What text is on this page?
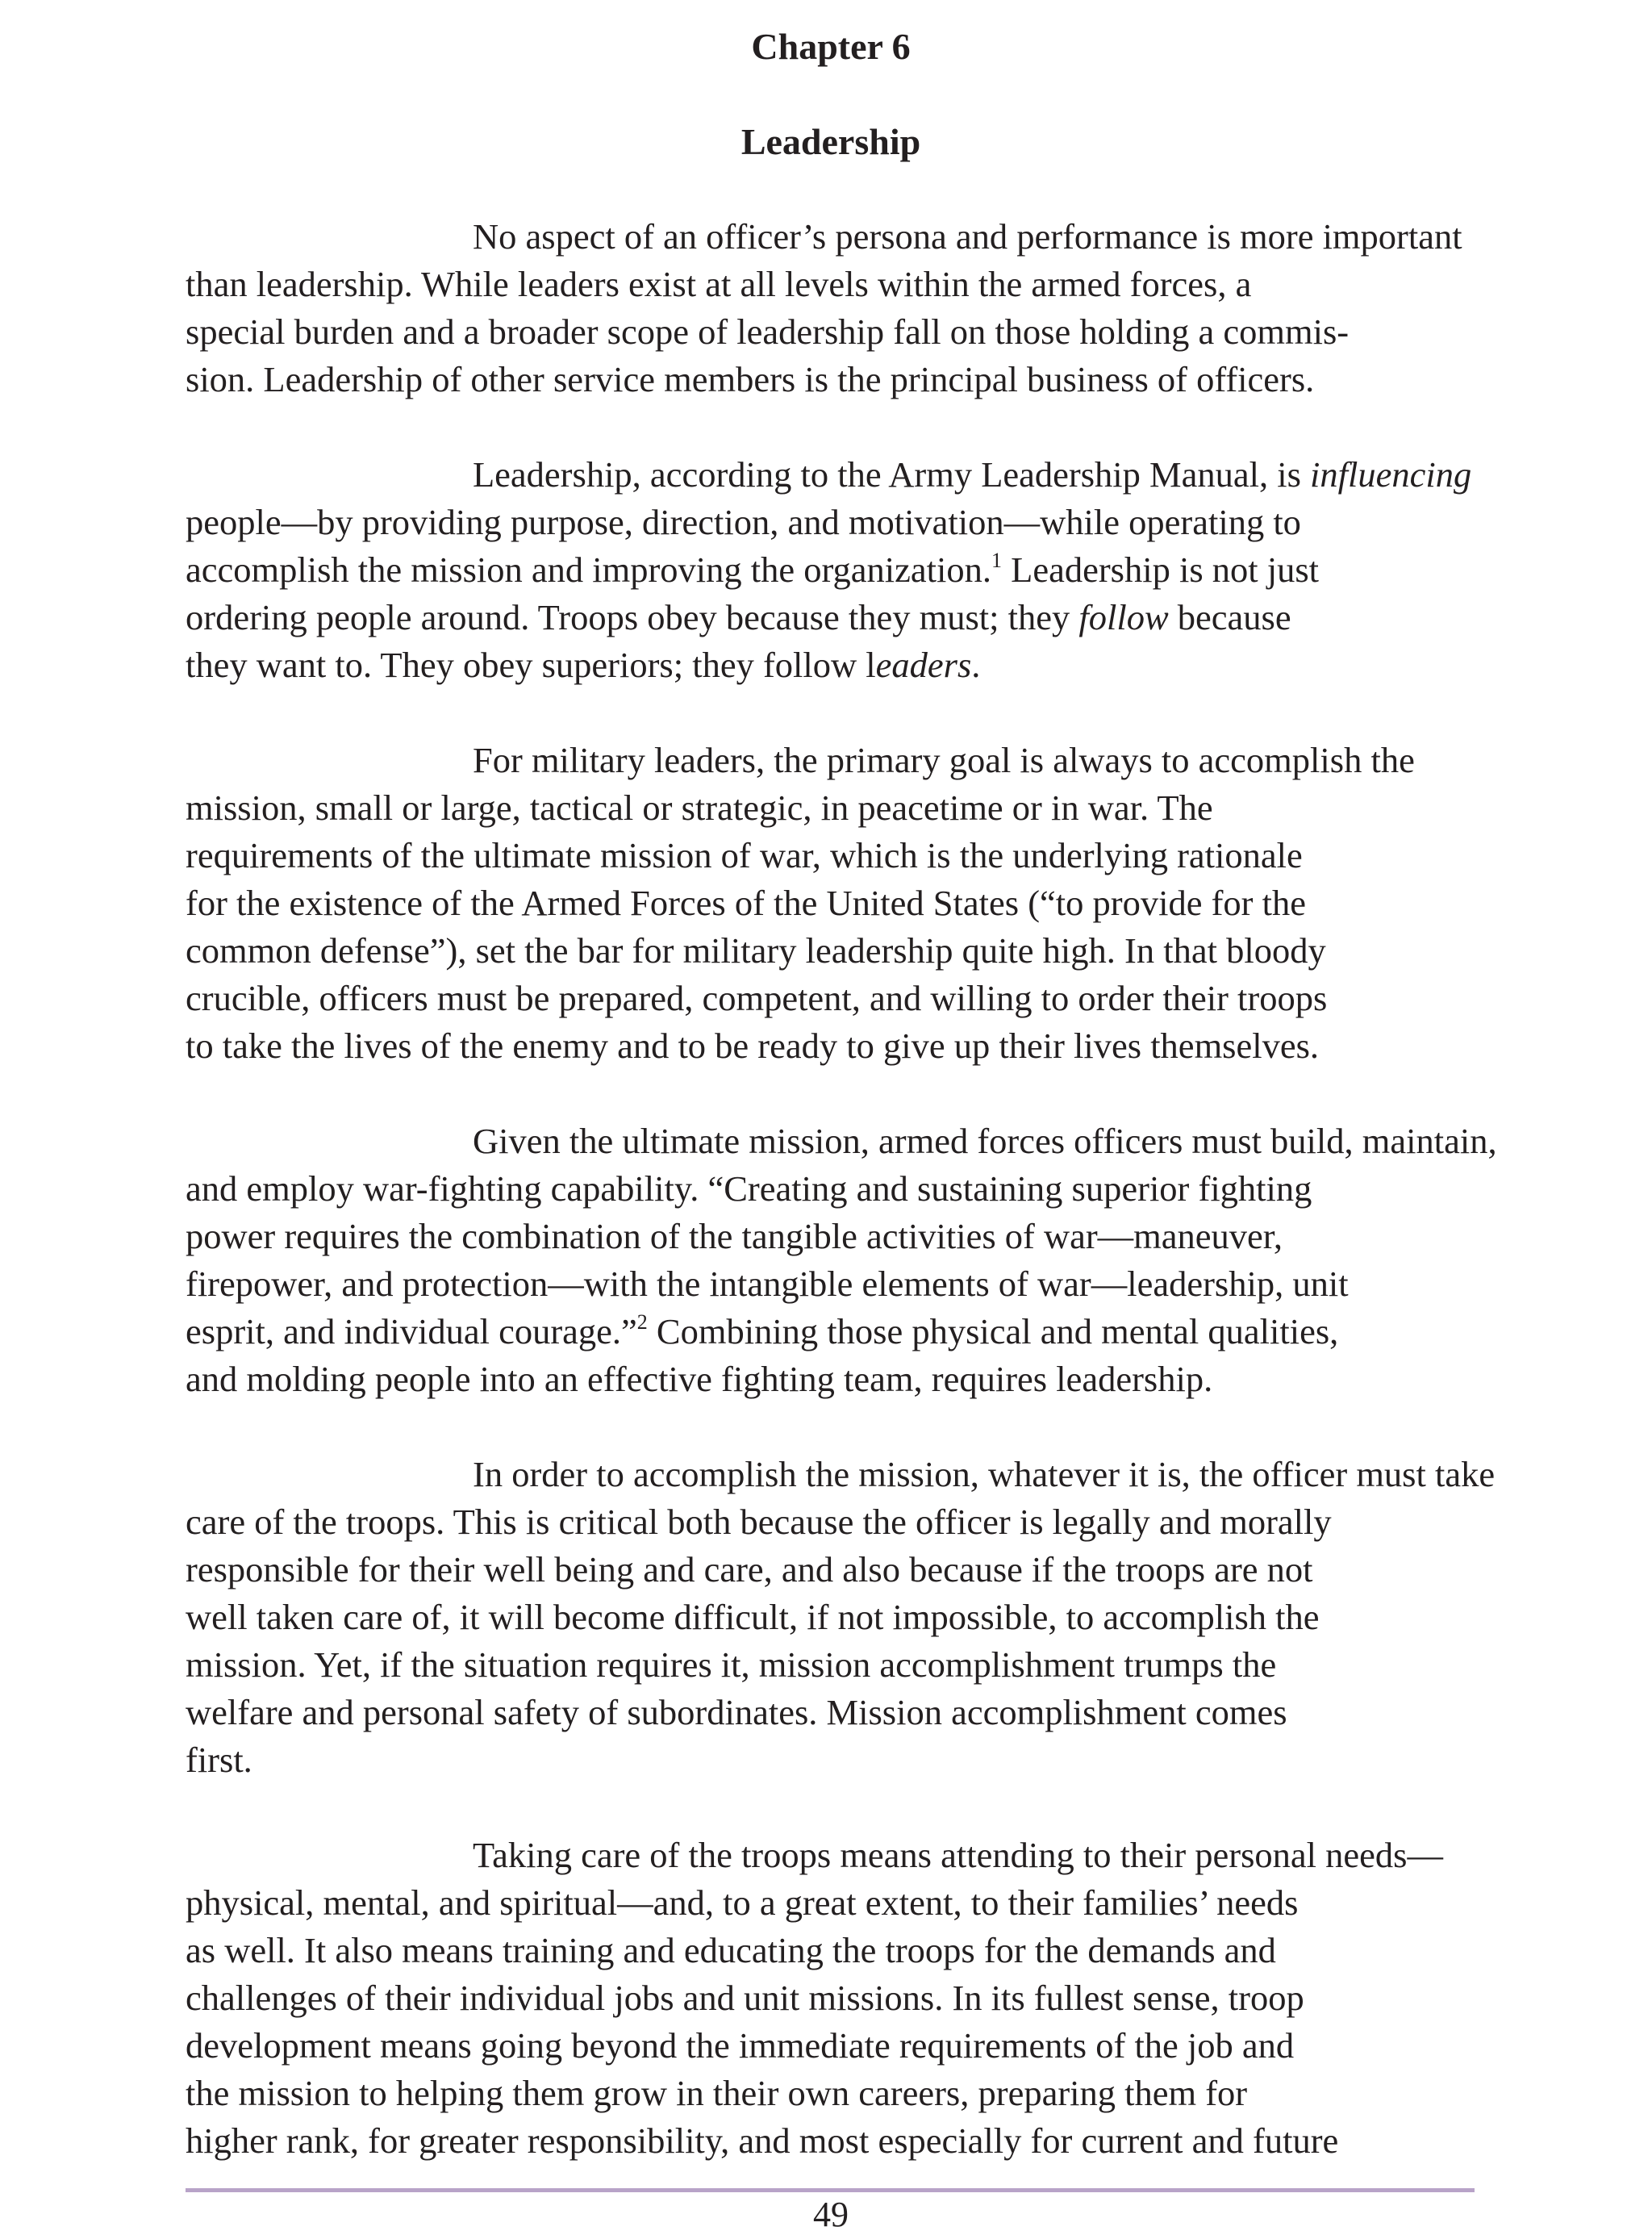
Chapter 6
Leadership

No aspect of an officer’s persona and performance is more important
than leadership. While leaders exist at all levels within the armed forces, a
special burden and a broader scope of leadership fall on those holding a commis-
sion. Leadership of other service members is the principal business of officers.

Leadership, according to the Army Leadership Manual, is influencing
people—by providing purpose, direction, and motivation—while operating to
accomplish the mission and improving the organization.$^1$ Leadership is not just
ordering people around. Troops obey because they must; they follow because
they want to. They obey superiors; they follow leaders.

For military leaders, the primary goal is always to accomplish the
mission, small or large, tactical or strategic, in peacetime or in war. The
requirements of the ultimate mission of war, which is the underlying rationale
for the existence of the Armed Forces of the United States (“to provide for the
common defense”), set the bar for military leadership quite high. In that bloody
crucible, officers must be prepared, competent, and willing to order their troops
to take the lives of the enemy and to be ready to give up their lives themselves.

Given the ultimate mission, armed forces officers must build, maintain,
and employ war-fighting capability. “Creating and sustaining superior fighting
power requires the combination of the tangible activities of war—maneuver,
firepower, and protection—with the intangible elements of war—leadership, unit
esprit, and individual courage.”$^2$ Combining those physical and mental qualities,
and molding people into an effective fighting team, requires leadership.

In order to accomplish the mission, whatever it is, the officer must take
care of the troops. This is critical both because the officer is legally and morally
responsible for their well being and care, and also because if the troops are not
well taken care of, it will become difficult, if not impossible, to accomplish the
mission. Yet, if the situation requires it, mission accomplishment trumps the
welfare and personal safety of subordinates. Mission accomplishment comes
first.

Taking care of the troops means attending to their personal needs—
physical, mental, and spiritual—and, to a great extent, to their families’ needs
as well. It also means training and educating the troops for the demands and
challenges of their individual jobs and unit missions. In its fullest sense, troop
development means going beyond the immediate requirements of the job and
the mission to helping them grow in their own careers, preparing them for
higher rank, for greater responsibility, and most especially for current and future

49
